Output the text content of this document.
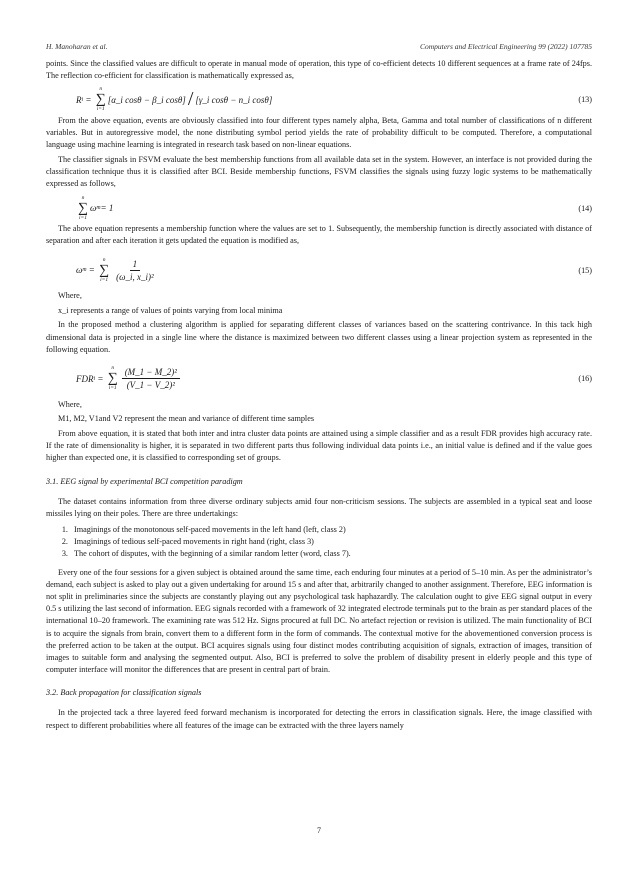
H. Manoharan et al.	Computers and Electrical Engineering 99 (2022) 107785

points. Since the classified values are difficult to operate in manual mode of operation, this type of co-efficient detects 10 different sequences at a frame rate of 24fps. The reflection co-efficient for classification is mathematically expressed as,

R i =
n
∑
i=1
[α_i cosθ − β_i cosθ] / [γ_i cosθ − n_i cosθ]	(13)

From the above equation, events are obviously classified into four different types namely alpha, Beta, Gamma and total number of classifications of n different variables. But in autoregressive model, the none distributing symbol period yields the rate of probability difficult to be computed. Therefore, a computational language using machine learning is integrated in research task based on non-linear equations.

The classifier signals in FSVM evaluate the best membership functions from all available data set in the system. However, an interface is not provided during the classification technique thus it is classified after BCI. Beside membership functions, FSVM classifies the signals using fuzzy logic systems to be mathematically expressed as follows,

n
∑
i=1
ω m = 1	(14)

The above equation represents a membership function where the values are set to 1. Subsequently, the membership function is directly associated with distance of separation and after each iteration it gets updated the equation is modified as,

ω m =
n
∑
$i=1 \frac{1}{\text{(ω\_i, x\_i)²}}$	(15)

Where,

x_i represents a range of values of points varying from local minima

In the proposed method a clustering algorithm is applied for separating different classes of variances based on the scattering contrivance. In this tack high dimensional data is projected in a single line where the distance is maximized between two different classes using a linear projection system as represented in the following equation.

FDR i =
n
∑
$i=1 \frac{\text{(M\_1 − M\_2)²}}{\text{(V\_1 − V\_2)²}}$	(16)

Where,

M1, M2, V1and V2 represent the mean and variance of different time samples

From above equation, it is stated that both inter and intra cluster data points are attained using a simple classifier and as a result FDR provides high accuracy rate. If the rate of dimensionality is higher, it is separated in two different parts thus following individual data points i.e., an initial value is defined and if the value goes higher than expected one, it is classified to corresponding set of groups.

3.1. EEG signal by experimental BCI competition paradigm

The dataset contains information from three diverse ordinary subjects amid four non-criticism sessions. The subjects are assembled in a typical seat and loose missiles lying on their poles. There are three undertakings:

1. Imaginings of the monotonous self-paced movements in the left hand (left, class 2)
2. Imaginings of tedious self-paced movements in right hand (right, class 3)
3. The cohort of disputes, with the beginning of a similar random letter (word, class 7).

Every one of the four sessions for a given subject is obtained around the same time, each enduring four minutes at a period of 5–10 min. As per the administrator’s demand, each subject is asked to play out a given undertaking for around 15 s and after that, arbitrarily changed to another assignment. Therefore, EEG information is not split in preliminaries since the subjects are constantly playing out any psychological task haphazardly. The calculation ought to give EEG signal output in every 0.5 s utilizing the last second of information. EEG signals recorded with a framework of 32 integrated electrode terminals put to the brain as per standard places of the international 10–20 framework. The examining rate was 512 Hz. Signs procured at full DC. No artefact rejection or revision is utilized. The main functionality of BCI is to acquire the signals from brain, convert them to a different form in the form of commands. The contextual motive for the abovementioned conversion process is the preferred action to be taken at the output. BCI acquires signals using four distinct modes contributing acquisition of signals, extraction of images, transition of images to suitable form and analysing the segmented output. Also, BCI is preferred to solve the problem of disability present in elderly people and this type of computer interface will monitor the differences that are present in central part of brain.

3.2. Back propagation for classification signals

In the projected tack a three layered feed forward mechanism is incorporated for detecting the errors in classification signals. Here, the image classified with respect to different probabilities where all features of the image can be extracted with the three layers namely

7
